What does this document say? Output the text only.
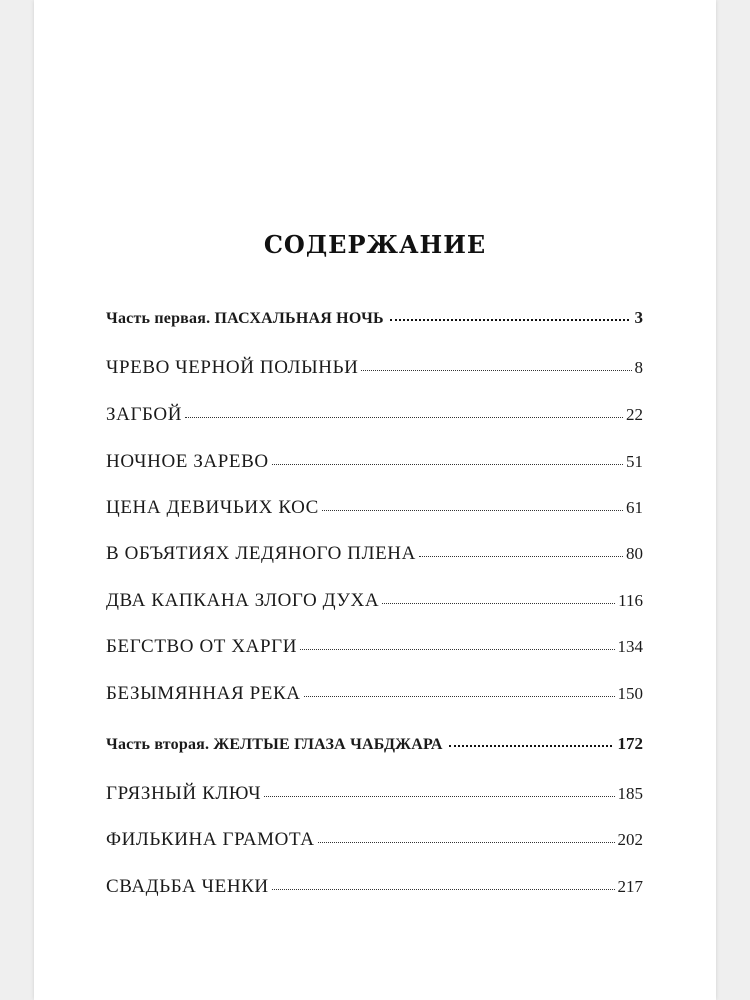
СОДЕРЖАНИЕ
Часть первая. ПАСХАЛЬНАЯ НОЧЬ	3
ЧРЕВО ЧЕРНОЙ ПОЛЫНЬИ	8
ЗАГБОЙ	22
НОЧНОЕ ЗАРЕВО	51
ЦЕНА ДЕВИЧЬИХ КОС	61
В ОБЪЯТИЯХ ЛЕДЯНОГО ПЛЕНА	80
ДВА КАПКАНА ЗЛОГО ДУХА	116
БЕГСТВО ОТ ХАРГИ	134
БЕЗЫМЯННАЯ РЕКА	150
Часть вторая. ЖЕЛТЫЕ ГЛАЗА ЧАБДЖАРА	172
ГРЯЗНЫЙ КЛЮЧ	185
ФИЛЬКИНА ГРАМОТА	202
СВАДЬБА ЧЕНКИ	217
